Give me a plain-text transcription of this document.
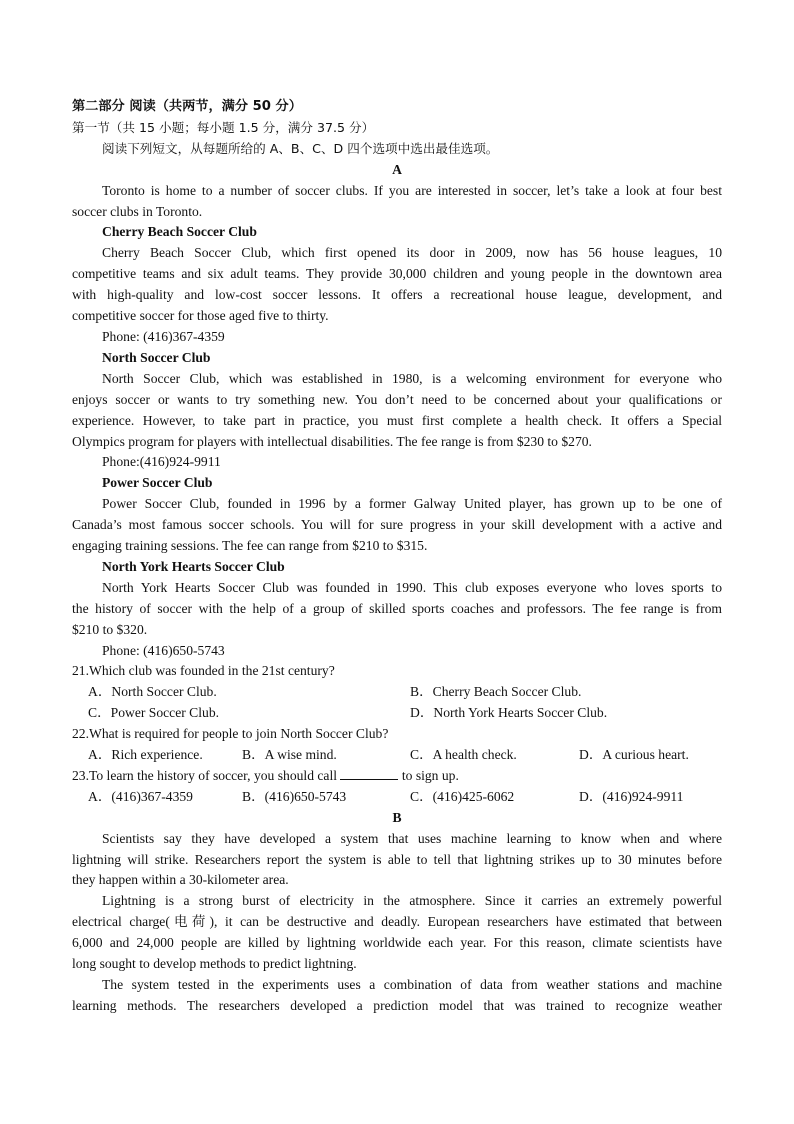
第二部分 阅读（共两节，满分 50 分）
第一节（共 15 小题；每小题 1.5 分，满分 37.5 分）
阅读下列短文，从每题所给的 A、B、C、D 四个选项中选出最佳选项。
A
Toronto is home to a number of soccer clubs. If you are interested in soccer, let’s take a look at four best
soccer clubs in Toronto.
Cherry Beach Soccer Club
Cherry Beach Soccer Club, which first opened its door in 2009, now has 56 house leagues, 10
competitive teams and six adult teams. They provide 30,000 children and young people in the downtown area
with high-quality and low-cost soccer lessons. It offers a recreational house league, development, and
competitive soccer for those aged five to thirty.
Phone: (416)367-4359
North Soccer Club
North Soccer Club, which was established in 1980, is a welcoming environment for everyone who
enjoys soccer or wants to try something new. You don’t need to be concerned about your qualifications or
experience. However, to take part in practice, you must first complete a health check. It offers a Special
Olympics program for players with intellectual disabilities. The fee range is from $230 to $270.
Phone:(416)924-9911
Power Soccer Club
Power Soccer Club, founded in 1996 by a former Galway United player, has grown up to be one of
Canada’s most famous soccer schools. You will for sure progress in your skill development with a active and
engaging training sessions. The fee can range from $210 to $315.
North York Hearts Soccer Club
North York Hearts Soccer Club was founded in 1990. This club exposes everyone who loves sports to
the history of soccer with the help of a group of skilled sports coaches and professors. The fee range is from
$210 to $320.
Phone: (416)650-5743
21.Which club was founded in the 21st century?
A．North Soccer Club.	B．Cherry Beach Soccer Club.
C．Power Soccer Club.	D．North York Hearts Soccer Club.
22.What is required for people to join North Soccer Club?
A．Rich experience.	B．A wise mind.	C．A health check.	D．A curious heart.
23.To learn the history of soccer, you should call	to sign up.
A．(416)367-4359	B．(416)650-5743	C．(416)425-6062	D．(416)924-9911
B
Scientists say they have developed a system that uses machine learning to know when and where
lightning will strike. Researchers report the system is able to tell that lightning strikes up to 30 minutes before
they happen within a 30-kilometer area.
Lightning is a strong burst of electricity in the atmosphere. Since it carries an extremely powerful
electrical charge(电荷), it can be destructive and deadly. European researchers have estimated that between
6,000 and 24,000 people are killed by lightning worldwide each year. For this reason, climate scientists have
long sought to develop methods to predict lightning.
The system tested in the experiments uses a combination of data from weather stations and machine
learning methods. The researchers developed a prediction model that was trained to recognize weather
